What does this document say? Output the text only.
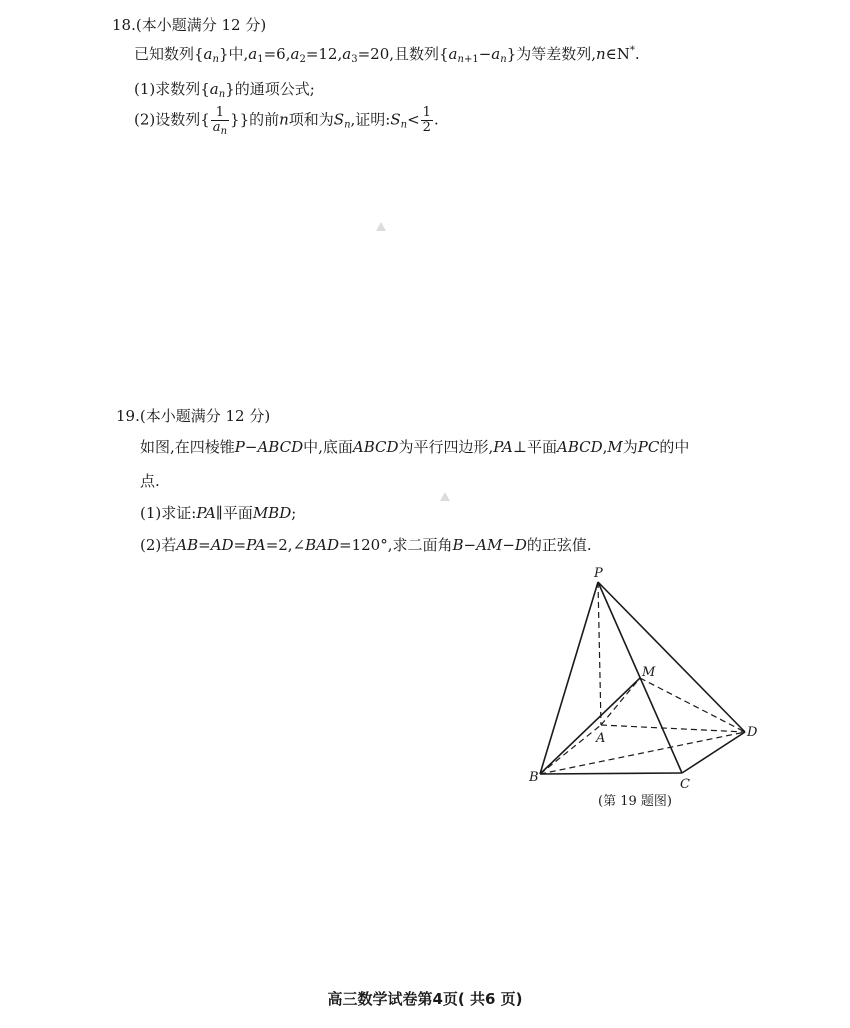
18.(本小题满分 12 分)
已知数列$\{a_n\}$中$,a_1=6,a_2=12,a_3=20$,且数列$\{a_{n+1}-a_n\}$为等差数列,n∈N*.
(1)求数列$\{a_n\}$的通项公式;
(2)设数列{ $\frac{1}{a_n}$ }}的前n项和为$S_n$,证明$:S_n< \frac{1}{2}$ .
19.(本小题满分 12 分)
如图,在四棱锥P−ABCD中,底面ABCD为平行四边形,PA⊥平面ABCD,M为PC的中
点.
(1)求证:PA∥平面MBD;
(2)若AB=AD=PA=2,∠BAD=120°,求二面角B−AM−D的正弦值.
P
M
A	D
B	C
(第 19 题图)
高三数学试卷第4页( 共6 页)
